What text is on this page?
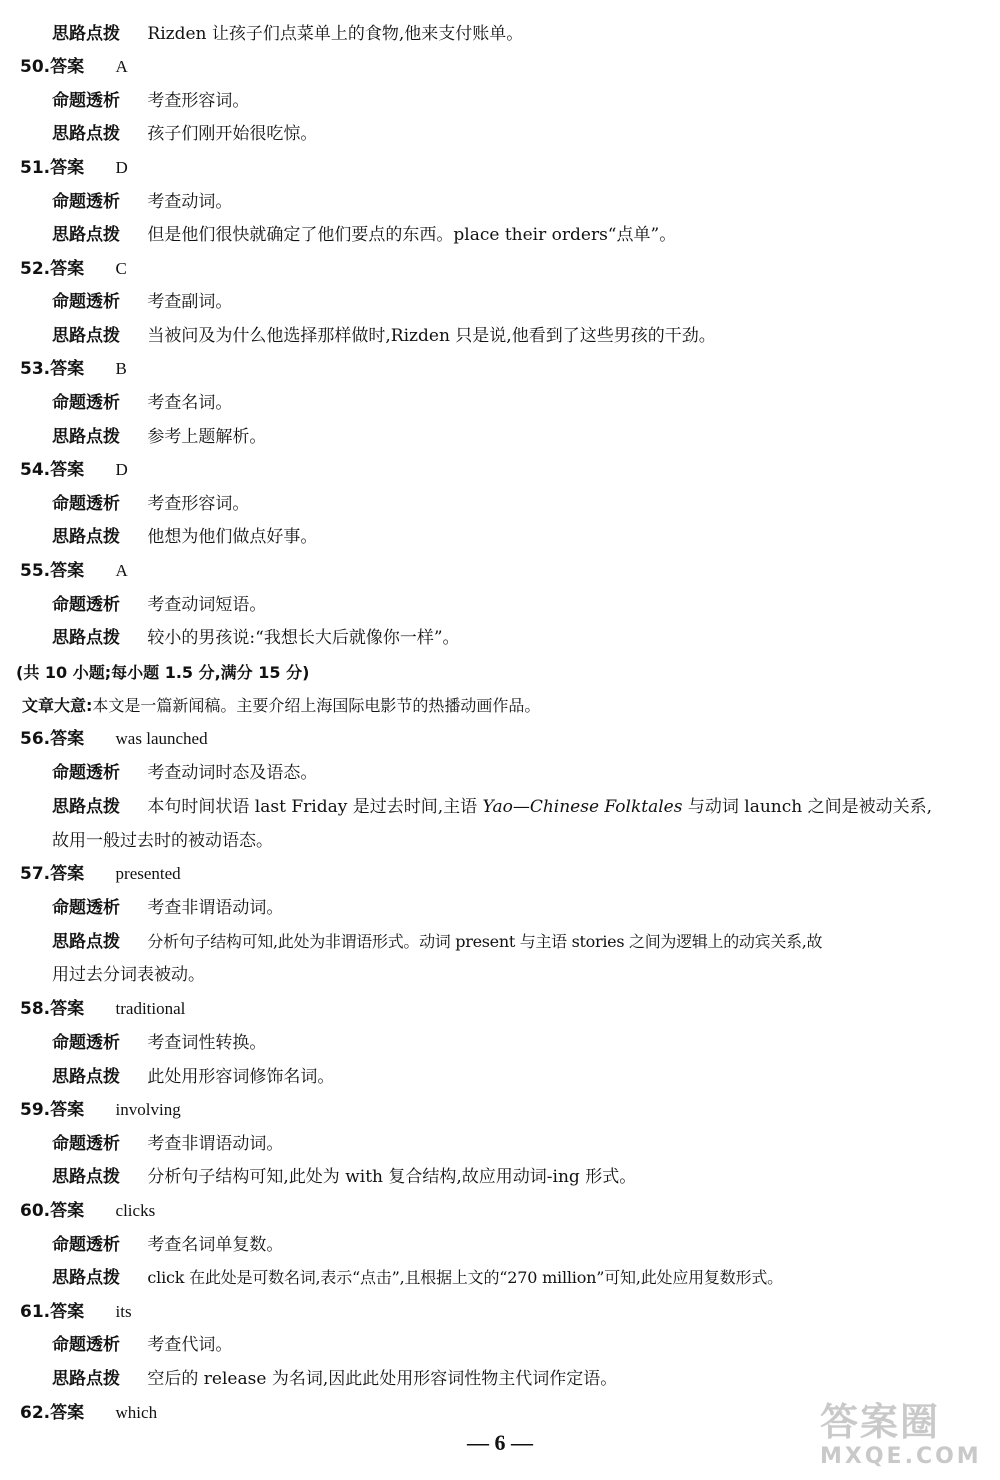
思路点拨 Rizden 让孩子们点菜单上的食物,他来支付账单。
50.答案 A
命题透析 考查形容词。
思路点拨 孩子们刚开始很吃惊。
51.答案 D
命题透析 考查动词。
思路点拨 但是他们很快就确定了他们要点的东西。place their orders“点单”。
52.答案 C
命题透析 考查副词。
思路点拨 当被问及为什么他选择那样做时,Rizden 只是说,他看到了这些男孩的干劲。
53.答案 B
命题透析 考查名词。
思路点拨 参考上题解析。
54.答案 D
命题透析 考查形容词。
思路点拨 他想为他们做点好事。
55.答案 A
命题透析 考查动词短语。
思路点拨 较小的男孩说:“我想长大后就像你一样”。
(共 10 小题;每小题 1.5 分,满分 15 分)
文章大意:本文是一篇新闻稿。主要介绍上海国际电影节的热播动画作品。
56.答案 was launched
命题透析 考查动词时态及语态。
思路点拨 本句时间状语 last Friday 是过去时间,主语 Yao—Chinese Folktales 与动词 launch 之间是被动关系,
故用一般过去时的被动语态。
57.答案 presented
命题透析 考查非谓语动词。
思路点拨 分析句子结构可知,此处为非谓语形式。动词 present 与主语 stories 之间为逻辑上的动宾关系,故
用过去分词表被动。
58.答案 traditional
命题透析 考查词性转换。
思路点拨 此处用形容词修饰名词。
59.答案 involving
命题透析 考查非谓语动词。
思路点拨 分析句子结构可知,此处为 with 复合结构,故应用动词-ing 形式。
60.答案 clicks
命题透析 考查名词单复数。
思路点拨 click 在此处是可数名词,表示“点击”,且根据上文的“270 million”可知,此处应用复数形式。
61.答案 its
命题透析 考查代词。
思路点拨 空后的 release 为名词,因此此处用形容词性物主代词作定语。
62.答案 which
— 6 —	答案圈
MXQE.COM
